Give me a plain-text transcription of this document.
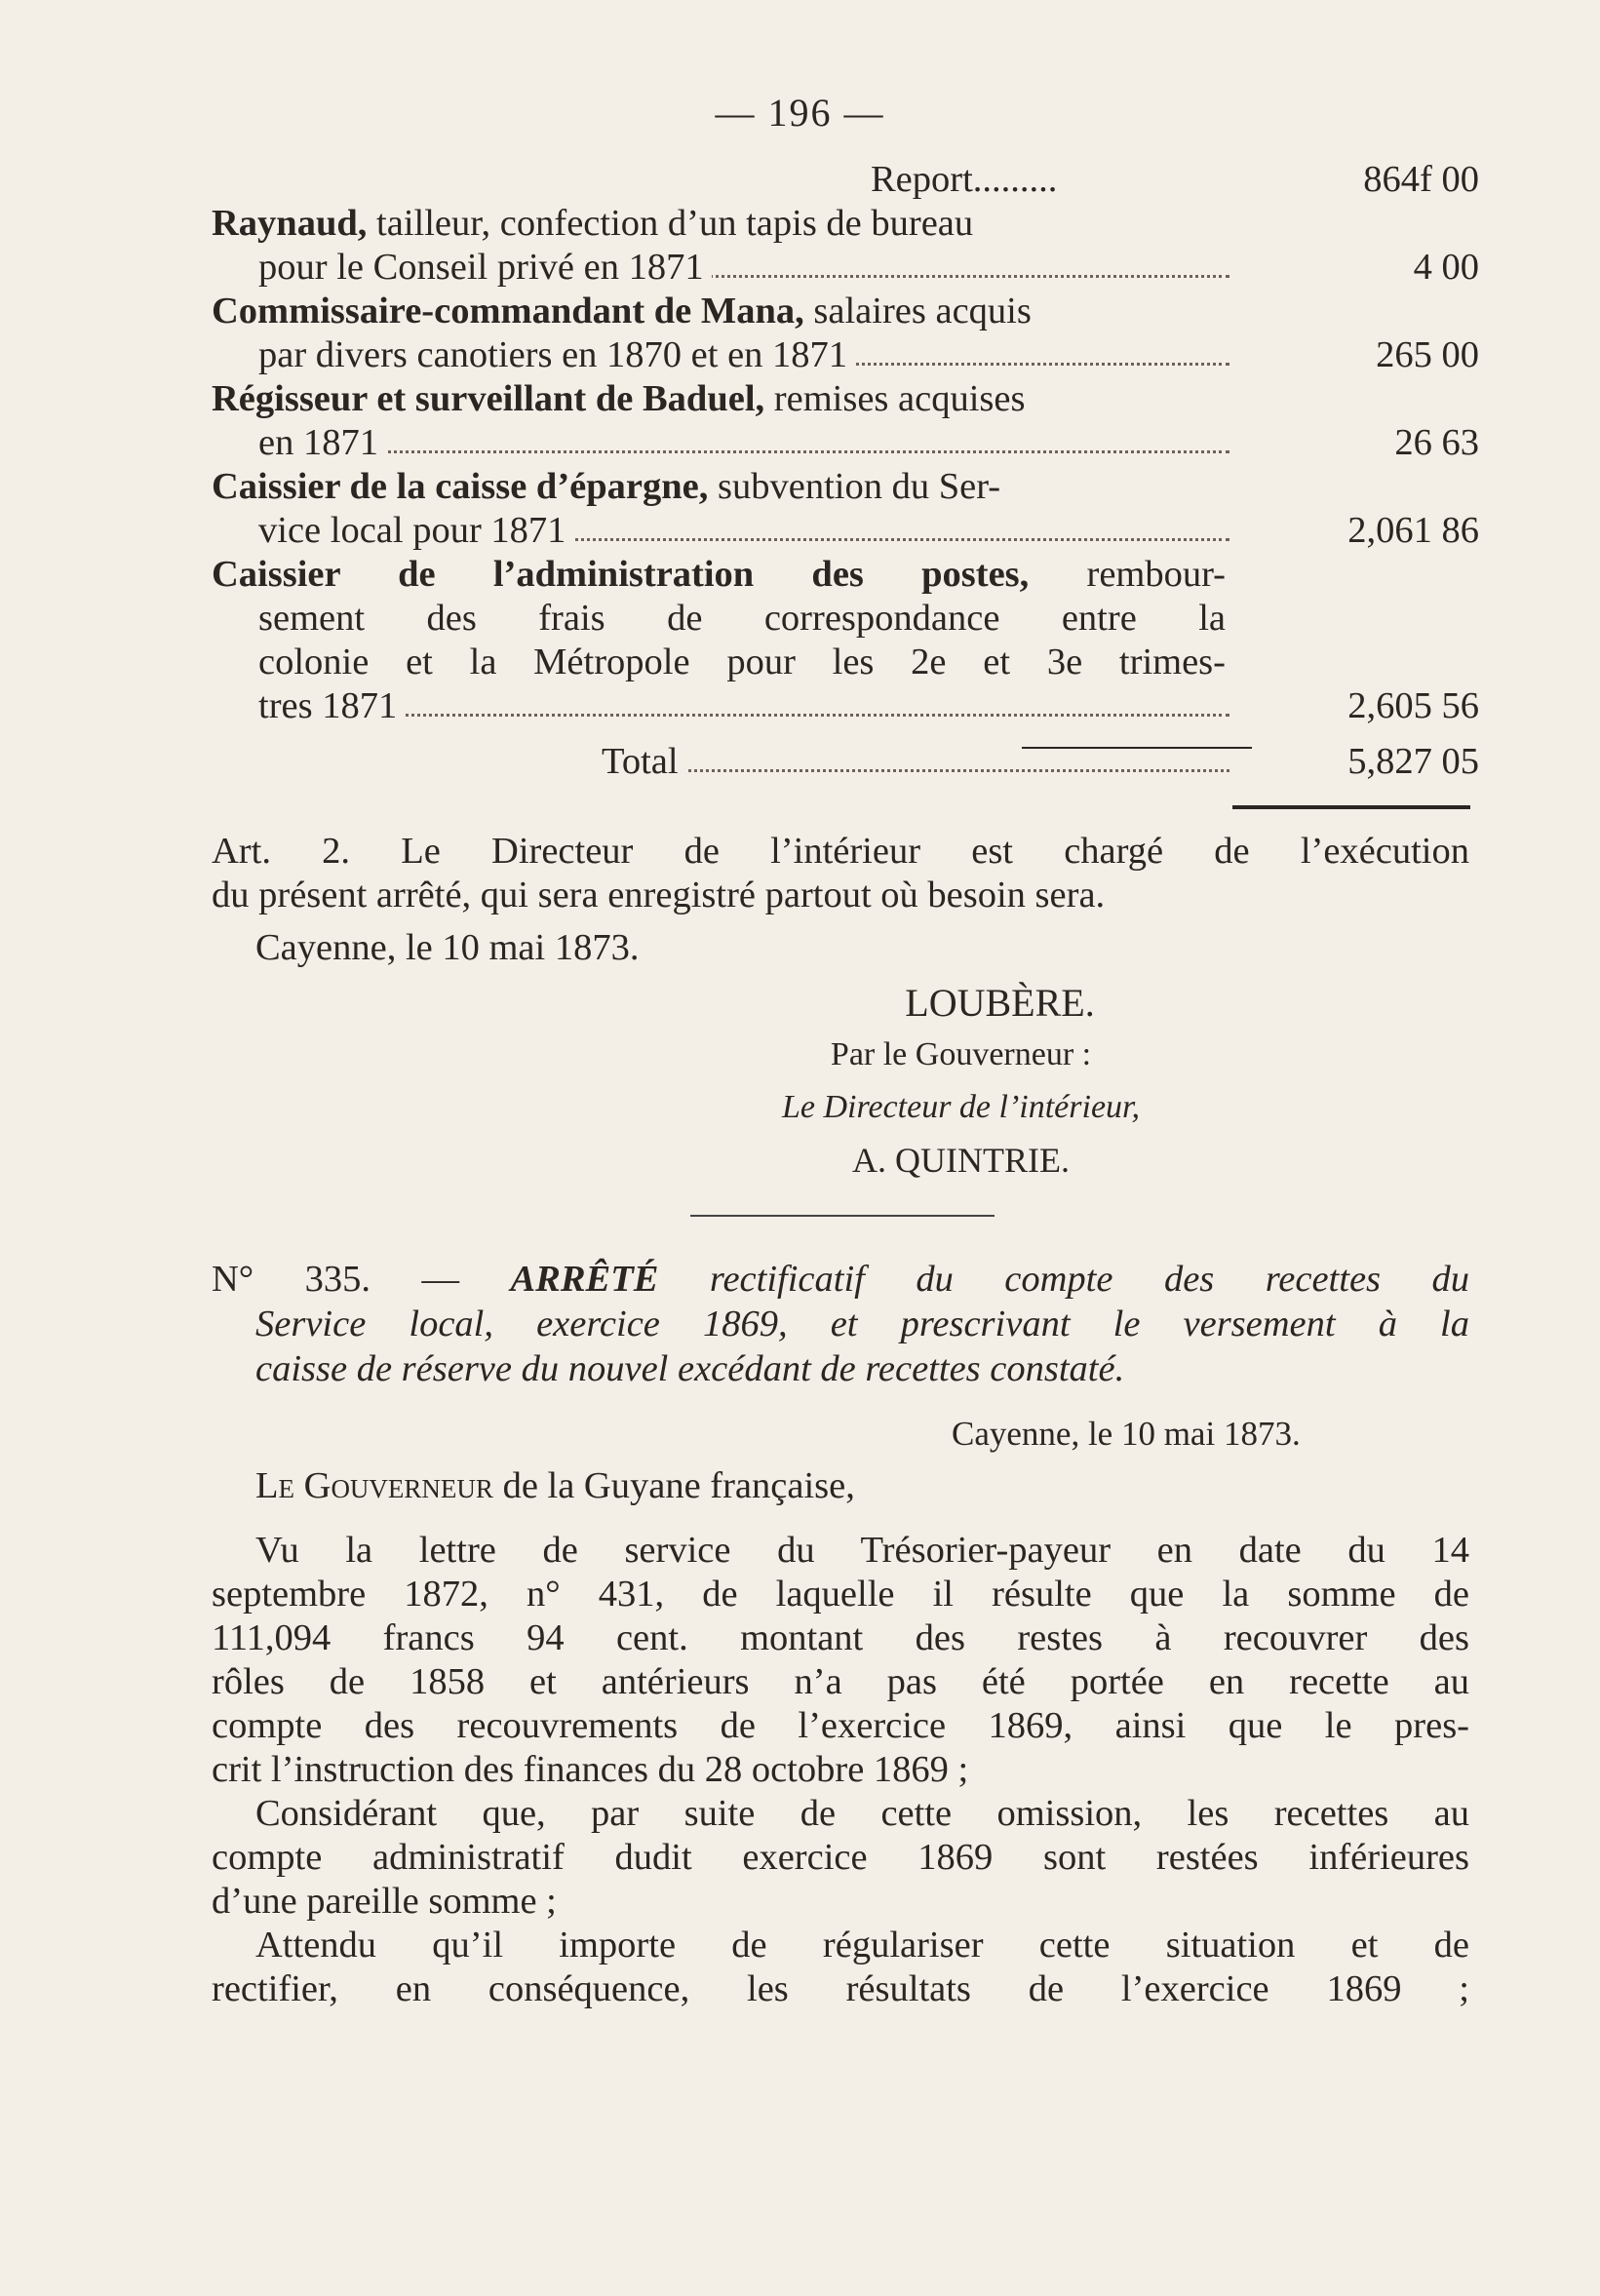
— 196 —
Report.........	864f 00
Raynaud, tailleur, confection d’un tapis de bureau
pour le Conseil privé en 1871	4 00
Commissaire-commandant de Mana, salaires acquis
par divers canotiers en 1870 et en 1871	265 00
Régisseur et surveillant de Baduel, remises acquises
en 1871	26 63
Caissier de la caisse d’épargne, subvention du Ser-
vice local pour 1871	2,061 86
Caissier de l’administration des postes, rembour-
sement des frais de correspondance entre la
colonie et la Métropole pour les 2e et 3e trimes-
tres 1871	2,605 56
Total	5,827 05
Art. 2. Le Directeur de l’intérieur est chargé de l’exécution
du présent arrêté, qui sera enregistré partout où besoin sera.
Cayenne, le 10 mai 1873.
LOUBÈRE.
Par le Gouverneur :
Le Directeur de l’intérieur,
A. QUINTRIE.
N° 335. — ARRÊTÉ rectificatif du compte des recettes du
Service local, exercice 1869, et prescrivant le versement à la
caisse de réserve du nouvel excédant de recettes constaté.
Cayenne, le 10 mai 1873.
Le Gouverneur de la Guyane française,
Vu la lettre de service du Trésorier-payeur en date du 14
septembre 1872, n° 431, de laquelle il résulte que la somme de
111,094 francs 94 cent. montant des restes à recouvrer des
rôles de 1858 et antérieurs n’a pas été portée en recette au
compte des recouvrements de l’exercice 1869, ainsi que le pres-
crit l’instruction des finances du 28 octobre 1869 ;
Considérant que, par suite de cette omission, les recettes au
compte administratif dudit exercice 1869 sont restées inférieures
d’une pareille somme ;
Attendu qu’il importe de régulariser cette situation et de
rectifier, en conséquence, les résultats de l’exercice 1869 ;
